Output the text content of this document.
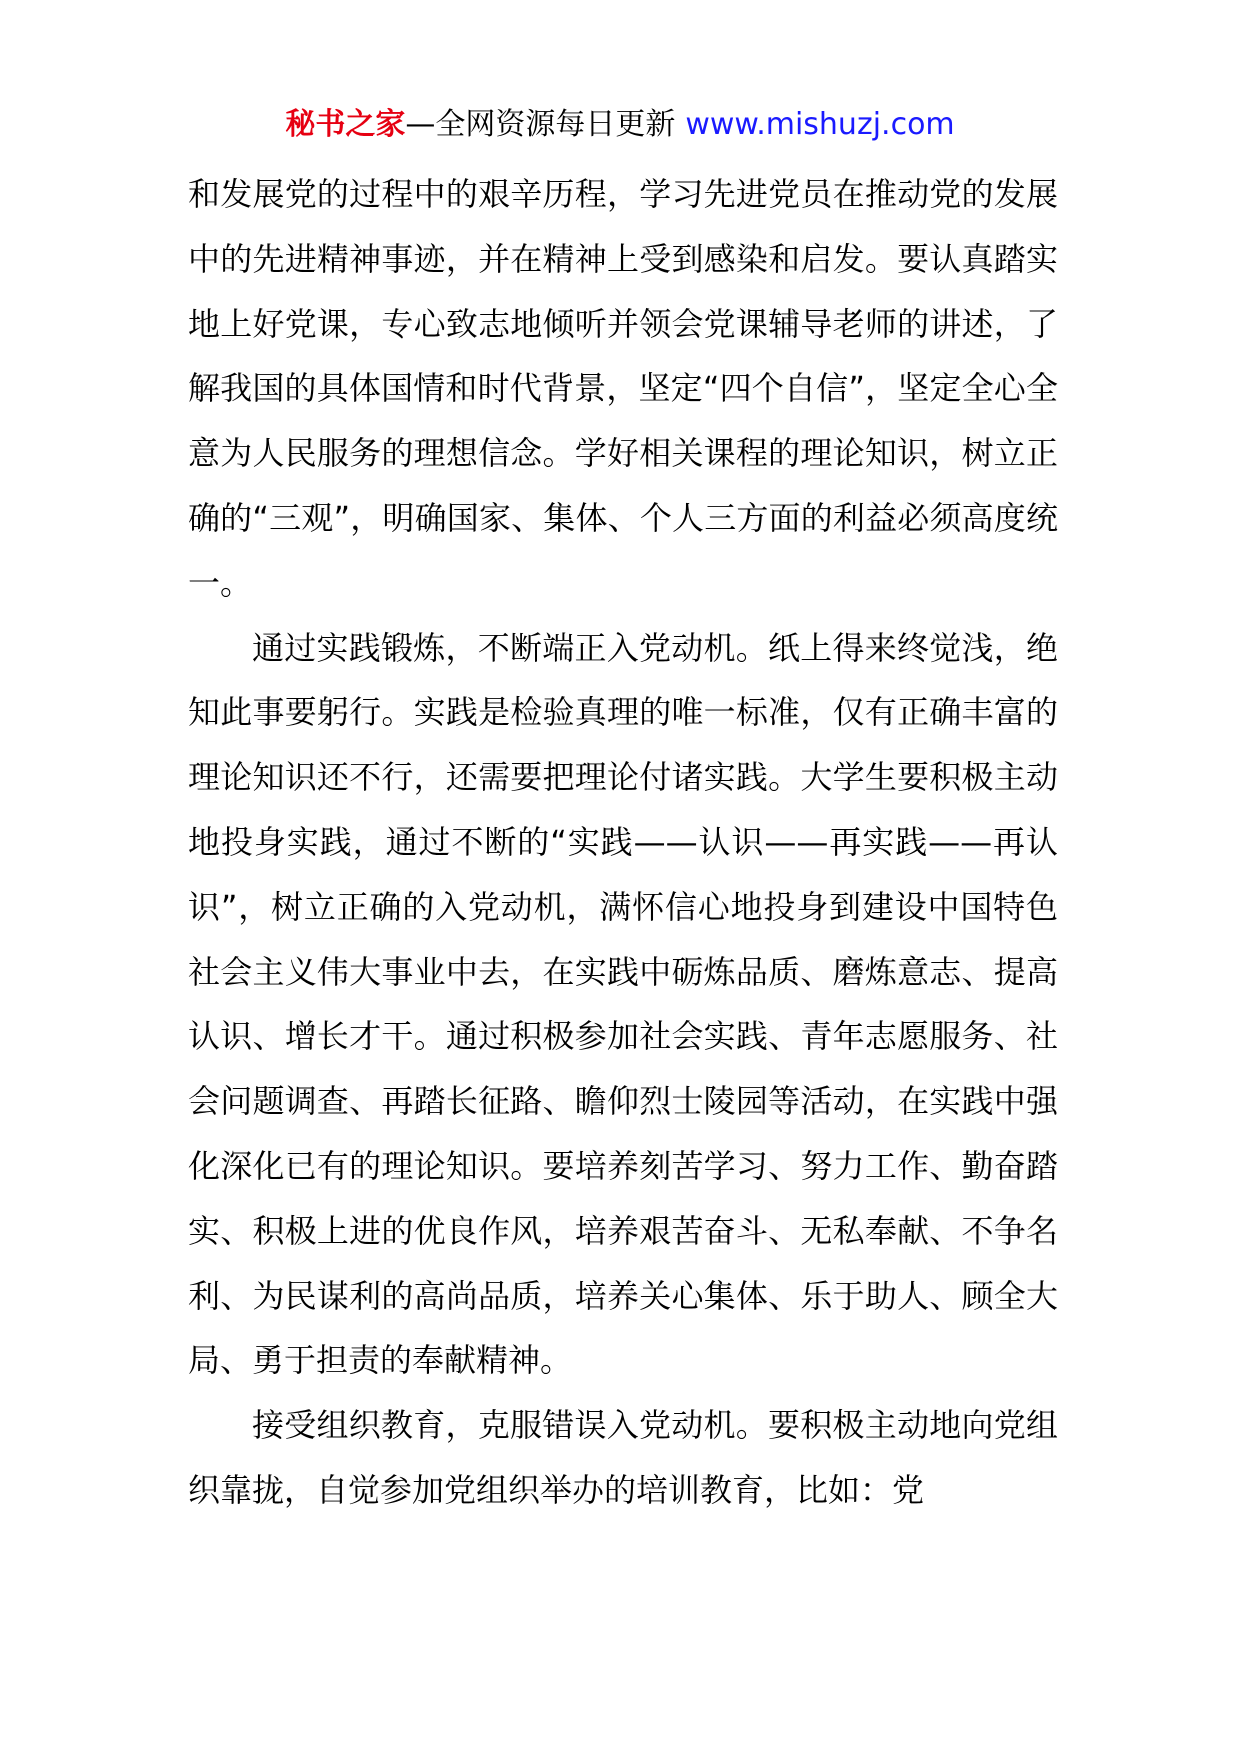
秘书之家—全网资源每日更新 www.mishuzj.com

和发展党的过程中的艰辛历程，学习先进党员在推动党的发展中的先进精神事迹，并在精神上受到感染和启发。要认真踏实地上好党课，专心致志地倾听并领会党课辅导老师的讲述，了解我国的具体国情和时代背景，坚定“四个自信”，坚定全心全意为人民服务的理想信念。学好相关课程的理论知识，树立正确的“三观”，明确国家、集体、个人三方面的利益必须高度统一。

通过实践锻炼，不断端正入党动机。纸上得来终觉浅，绝知此事要躬行。实践是检验真理的唯一标准，仅有正确丰富的理论知识还不行，还需要把理论付诸实践。大学生要积极主动地投身实践，通过不断的“实践——认识——再实践——再认识”，树立正确的入党动机，满怀信心地投身到建设中国特色社会主义伟大事业中去，在实践中砺炼品质、磨炼意志、提高认识、增长才干。通过积极参加社会实践、青年志愿服务、社会问题调查、再踏长征路、瞻仰烈士陵园等活动，在实践中强化深化已有的理论知识。要培养刻苦学习、努力工作、勤奋踏实、积极上进的优良作风，培养艰苦奋斗、无私奉献、不争名利、为民谋利的高尚品质，培养关心集体、乐于助人、顾全大局、勇于担责的奉献精神。

接受组织教育，克服错误入党动机。要积极主动地向党组织靠拢，自觉参加党组织举办的培训教育，比如：党
